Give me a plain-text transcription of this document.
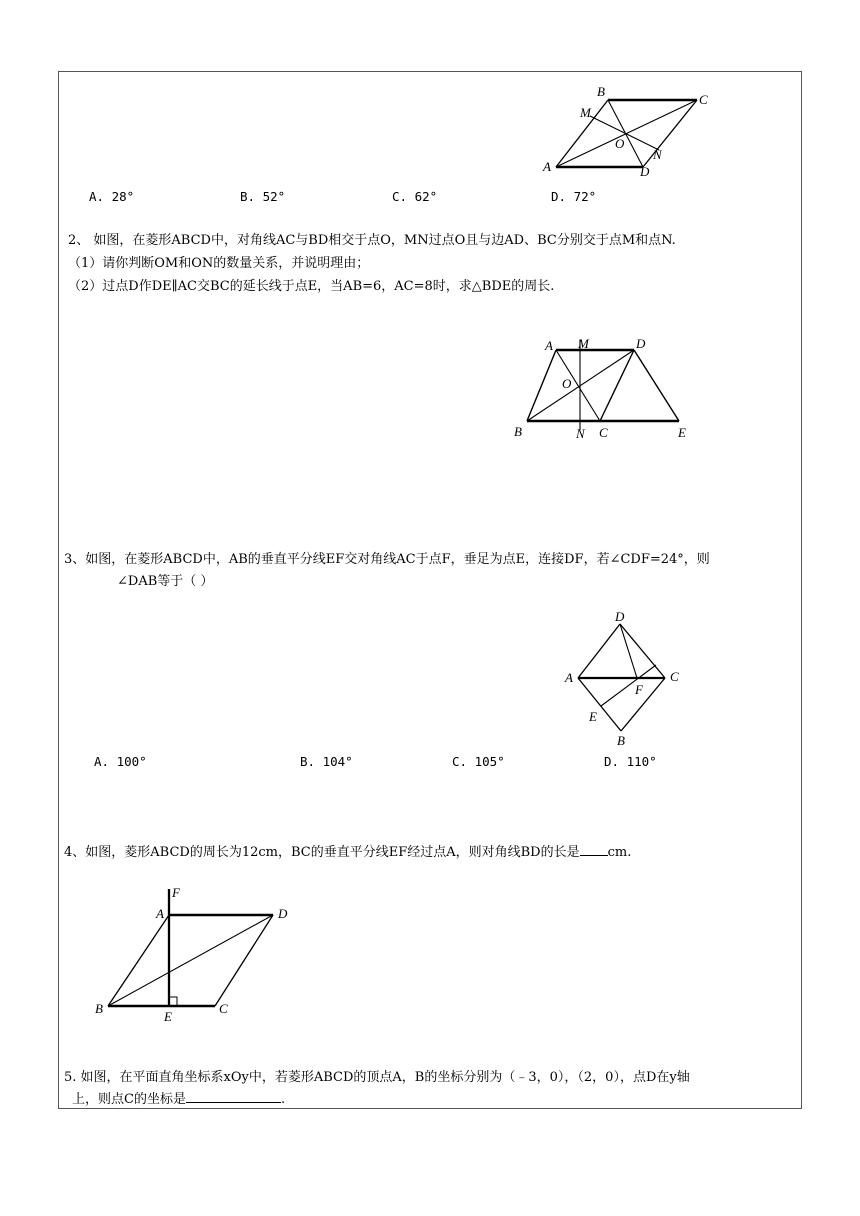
B
C
M
O
N
A	D
A. 28°	B. 52°	C. 62°	D. 72°
2、 如图，在菱形ABCD中，对角线AC与BD相交于点O，MN过点O且与边AD、BC分别交于点M和点N.
（1）请你判断OM和ON的数量关系，并说明理由；
（2）过点D作DE∥AC交BC的延长线于点E，当AB=6，AC=8时，求△BDE的周长.
A M	D
O
B	N C	E
3、如图，在菱形ABCD中，AB的垂直平分线EF交对角线AC于点F，垂足为点E，连接DF，若∠CDF=24°，则
∠DAB等于（ ）
D
A	C
F
E
B
A. 100°	B. 104°	C. 105°	D. 110°
4、如图，菱形ABCD的周长为12cm，BC的垂直平分线EF经过点A，则对角线BD的长是 cm.
F
A	D
B
E
C
5. 如图，在平面直角坐标系xOy中，若菱形ABCD的顶点A，B的坐标分别为（﹣3，0），（2，0），点D在y轴
上，则点C的坐标是	.
